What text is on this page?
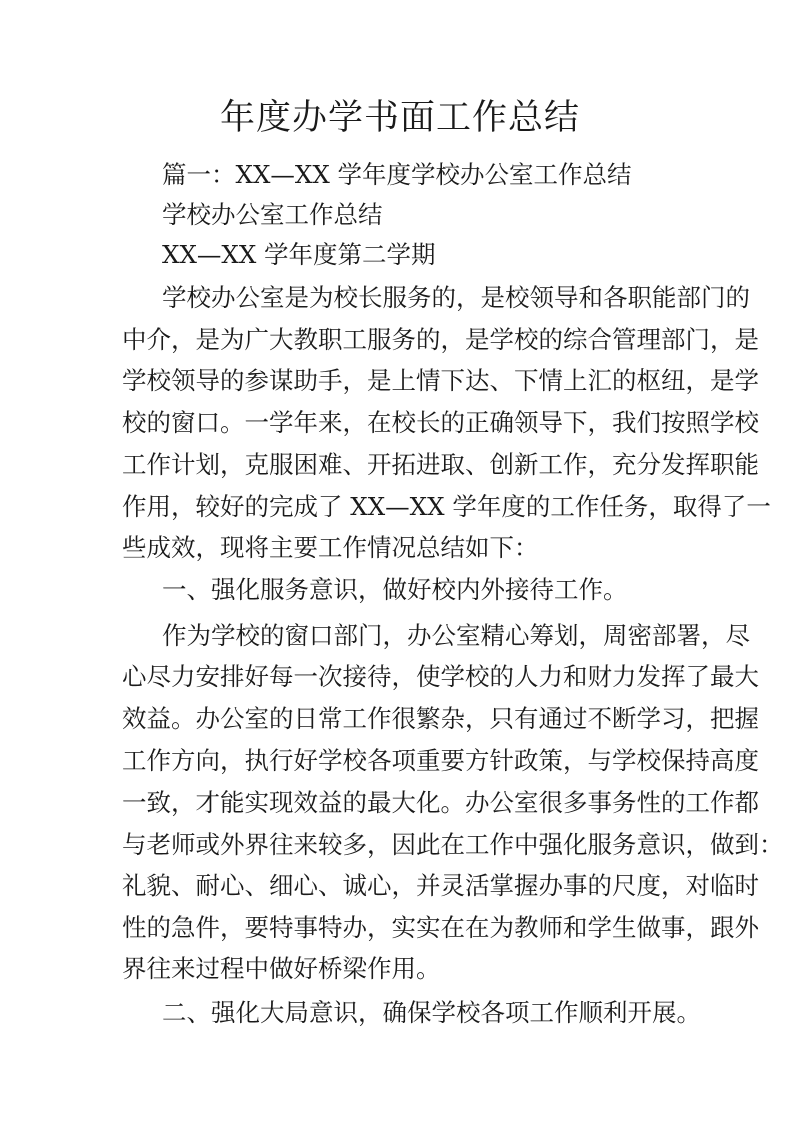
年度办学书面工作总结
篇一：XX—XX 学年度学校办公室工作总结
学校办公室工作总结
XX—XX 学年度第二学期
学校办公室是为校长服务的，是校领导和各职能部门的
中介，是为广大教职工服务的，是学校的综合管理部门，是
学校领导的参谋助手，是上情下达、下情上汇的枢纽，是学
校的窗口。一学年来，在校长的正确领导下，我们按照学校
工作计划，克服困难、开拓进取、创新工作，充分发挥职能
作用，较好的完成了 XX—XX 学年度的工作任务，取得了一
些成效，现将主要工作情况总结如下：
一、强化服务意识，做好校内外接待工作。
作为学校的窗口部门，办公室精心筹划，周密部署，尽
心尽力安排好每一次接待，使学校的人力和财力发挥了最大
效益。办公室的日常工作很繁杂，只有通过不断学习，把握
工作方向，执行好学校各项重要方针政策，与学校保持高度
一致，才能实现效益的最大化。办公室很多事务性的工作都
与老师或外界往来较多，因此在工作中强化服务意识，做到：
礼貌、耐心、细心、诚心，并灵活掌握办事的尺度，对临时
性的急件，要特事特办，实实在在为教师和学生做事，跟外
界往来过程中做好桥梁作用。
二、强化大局意识，确保学校各项工作顺利开展。
